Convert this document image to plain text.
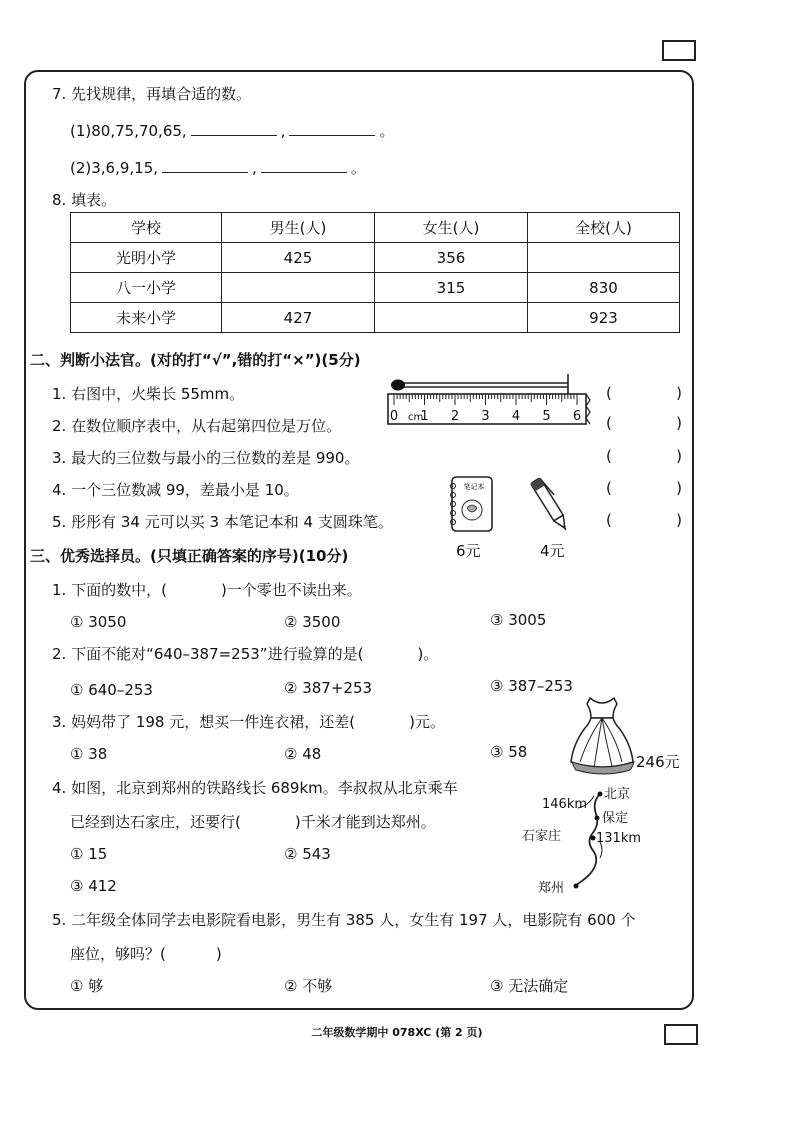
7. 先找规律，再填合适的数。
(1)80,75,70,65,	,	。
(2)3,6,9,15,	,	。
8. 填表。
学校	男生(人)	女生(人)	全校(人)
光明小学	425	356	
八一小学		315	830
未来小学	427		923
二、判断小法官。(对的打“√”,错的打“×”)(5分)
1. 右图中，火柴长 55mm。
2. 在数位顺序表中，从右起第四位是万位。
3. 最大的三位数与最小的三位数的差是 990。
4. 一个三位数减 99，差最小是 10。
5. 彤彤有 34 元可以买 3 本笔记本和 4 支圆珠笔。
(	)
(	)
(	)
(	)
(	)
0 1 2 3 4 5 6
cm
笔记本
6元	4元
三、优秀选择员。(只填正确答案的序号)(10分)
1. 下面的数中，(	)一个零也不读出来。
① 3050	② 3500	③ 3005
2. 下面不能对“640–387=253”进行验算的是(	)。
① 640–253	② 387+253	③ 387–253
3. 妈妈带了 198 元，想买一件连衣裙，还差(	)元。
① 38	② 48	③ 58
246元
4. 如图，北京到郑州的铁路线长 689km。李叔叔从北京乘车
已经到达石家庄，还要行(	)千米才能到达郑州。
① 15	② 543
③ 412
北京
保定
石家庄
郑州
146km
131km
5. 二年级全体同学去电影院看电影，男生有 385 人，女生有 197 人，电影院有 600 个
座位，够吗？(	)
① 够	② 不够	③ 无法确定
二年级数学期中 078XC (第 2 页)
